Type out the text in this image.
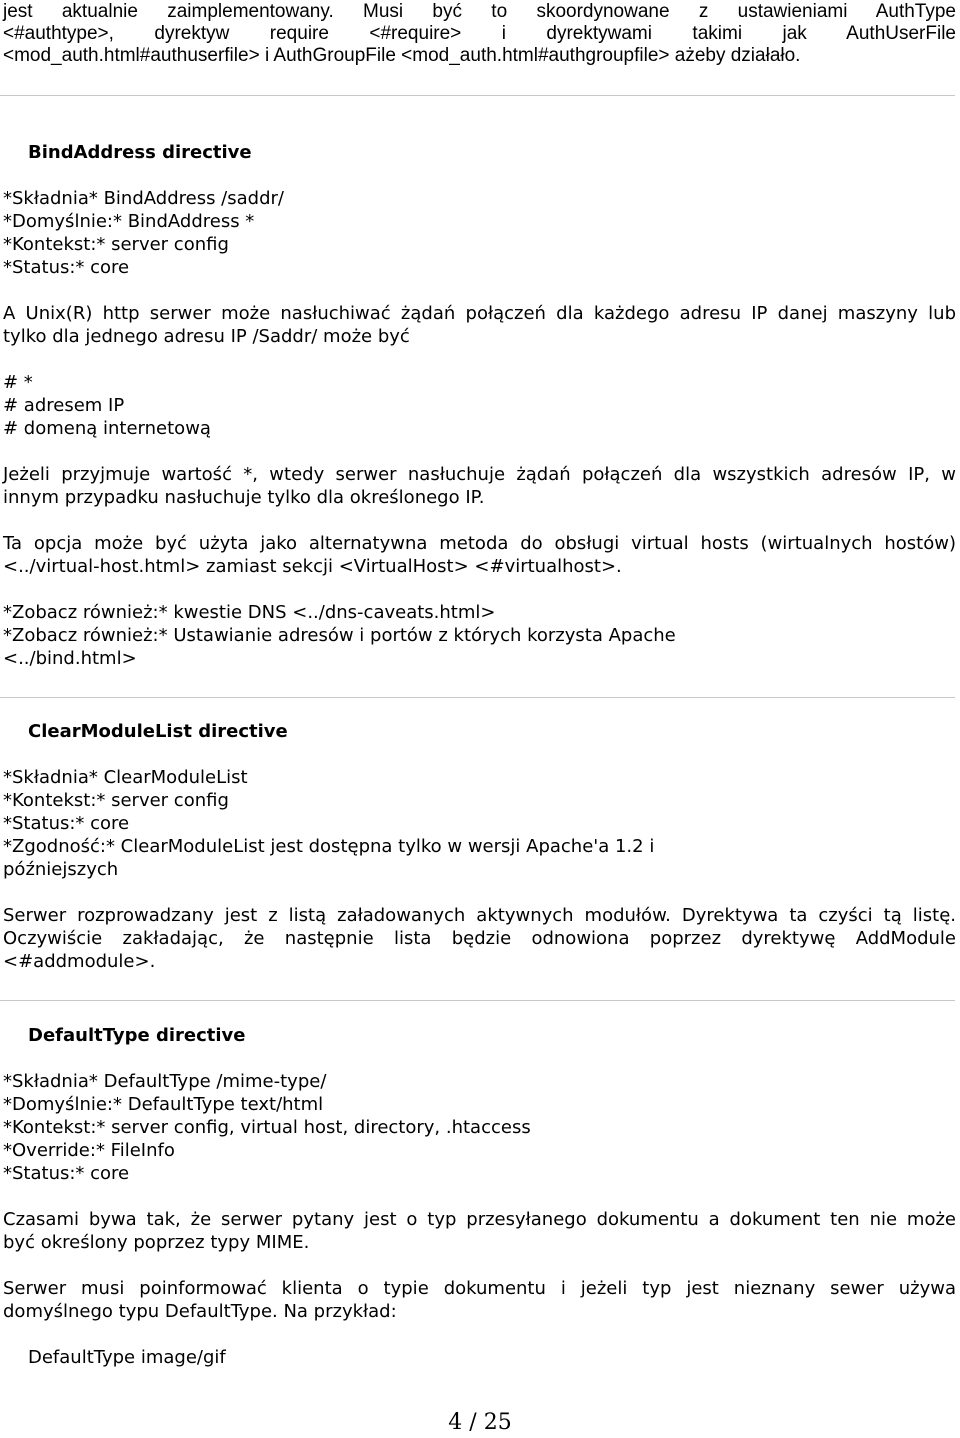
jest aktualnie zaimplementowany. Musi być to skoordynowane z ustawieniami AuthType
<#authtype>, dyrektyw require <#require> i dyrektywami takimi jak AuthUserFile
<mod_auth.html#authuserfile> i AuthGroupFile <mod_auth.html#authgroupfile> ażeby działało.
BindAddress directive
*Składnia* BindAddress /saddr/
*Domyślnie:* BindAddress *
*Kontekst:* server config
*Status:* core
A Unix(R) http serwer może nasłuchiwać żądań połączeń dla każdego adresu IP danej maszyny lub
tylko dla jednego adresu IP /Saddr/ może być
# *
# adresem IP
# domeną internetową
Jeżeli przyjmuje wartość *, wtedy serwer nasłuchuje żądań połączeń dla wszystkich adresów IP, w
innym przypadku nasłuchuje tylko dla określonego IP.
Ta opcja może być użyta jako alternatywna metoda do obsługi virtual hosts (wirtualnych hostów)
<../virtual-host.html> zamiast sekcji <VirtualHost> <#virtualhost>.
*Zobacz również:* kwestie DNS <../dns-caveats.html>
*Zobacz również:* Ustawianie adresów i portów z których korzysta Apache
<../bind.html>
ClearModuleList directive
*Składnia* ClearModuleList
*Kontekst:* server config
*Status:* core
*Zgodność:* ClearModuleList jest dostępna tylko w wersji Apache'a 1.2 i
późniejszych
Serwer rozprowadzany jest z listą załadowanych aktywnych modułów. Dyrektywa ta czyści tą listę.
Oczywiście zakładając, że następnie lista będzie odnowiona poprzez dyrektywę AddModule
<#addmodule>.
DefaultType directive
*Składnia* DefaultType /mime-type/
*Domyślnie:* DefaultType text/html
*Kontekst:* server config, virtual host, directory, .htaccess
*Override:* FileInfo
*Status:* core
Czasami bywa tak, że serwer pytany jest o typ przesyłanego dokumentu a dokument ten nie może
być określony poprzez typy MIME.
Serwer musi poinformować klienta o typie dokumentu i jeżeli typ jest nieznany sewer używa
domyślnego typu DefaultType. Na przykład:
DefaultType image/gif
4 / 25
